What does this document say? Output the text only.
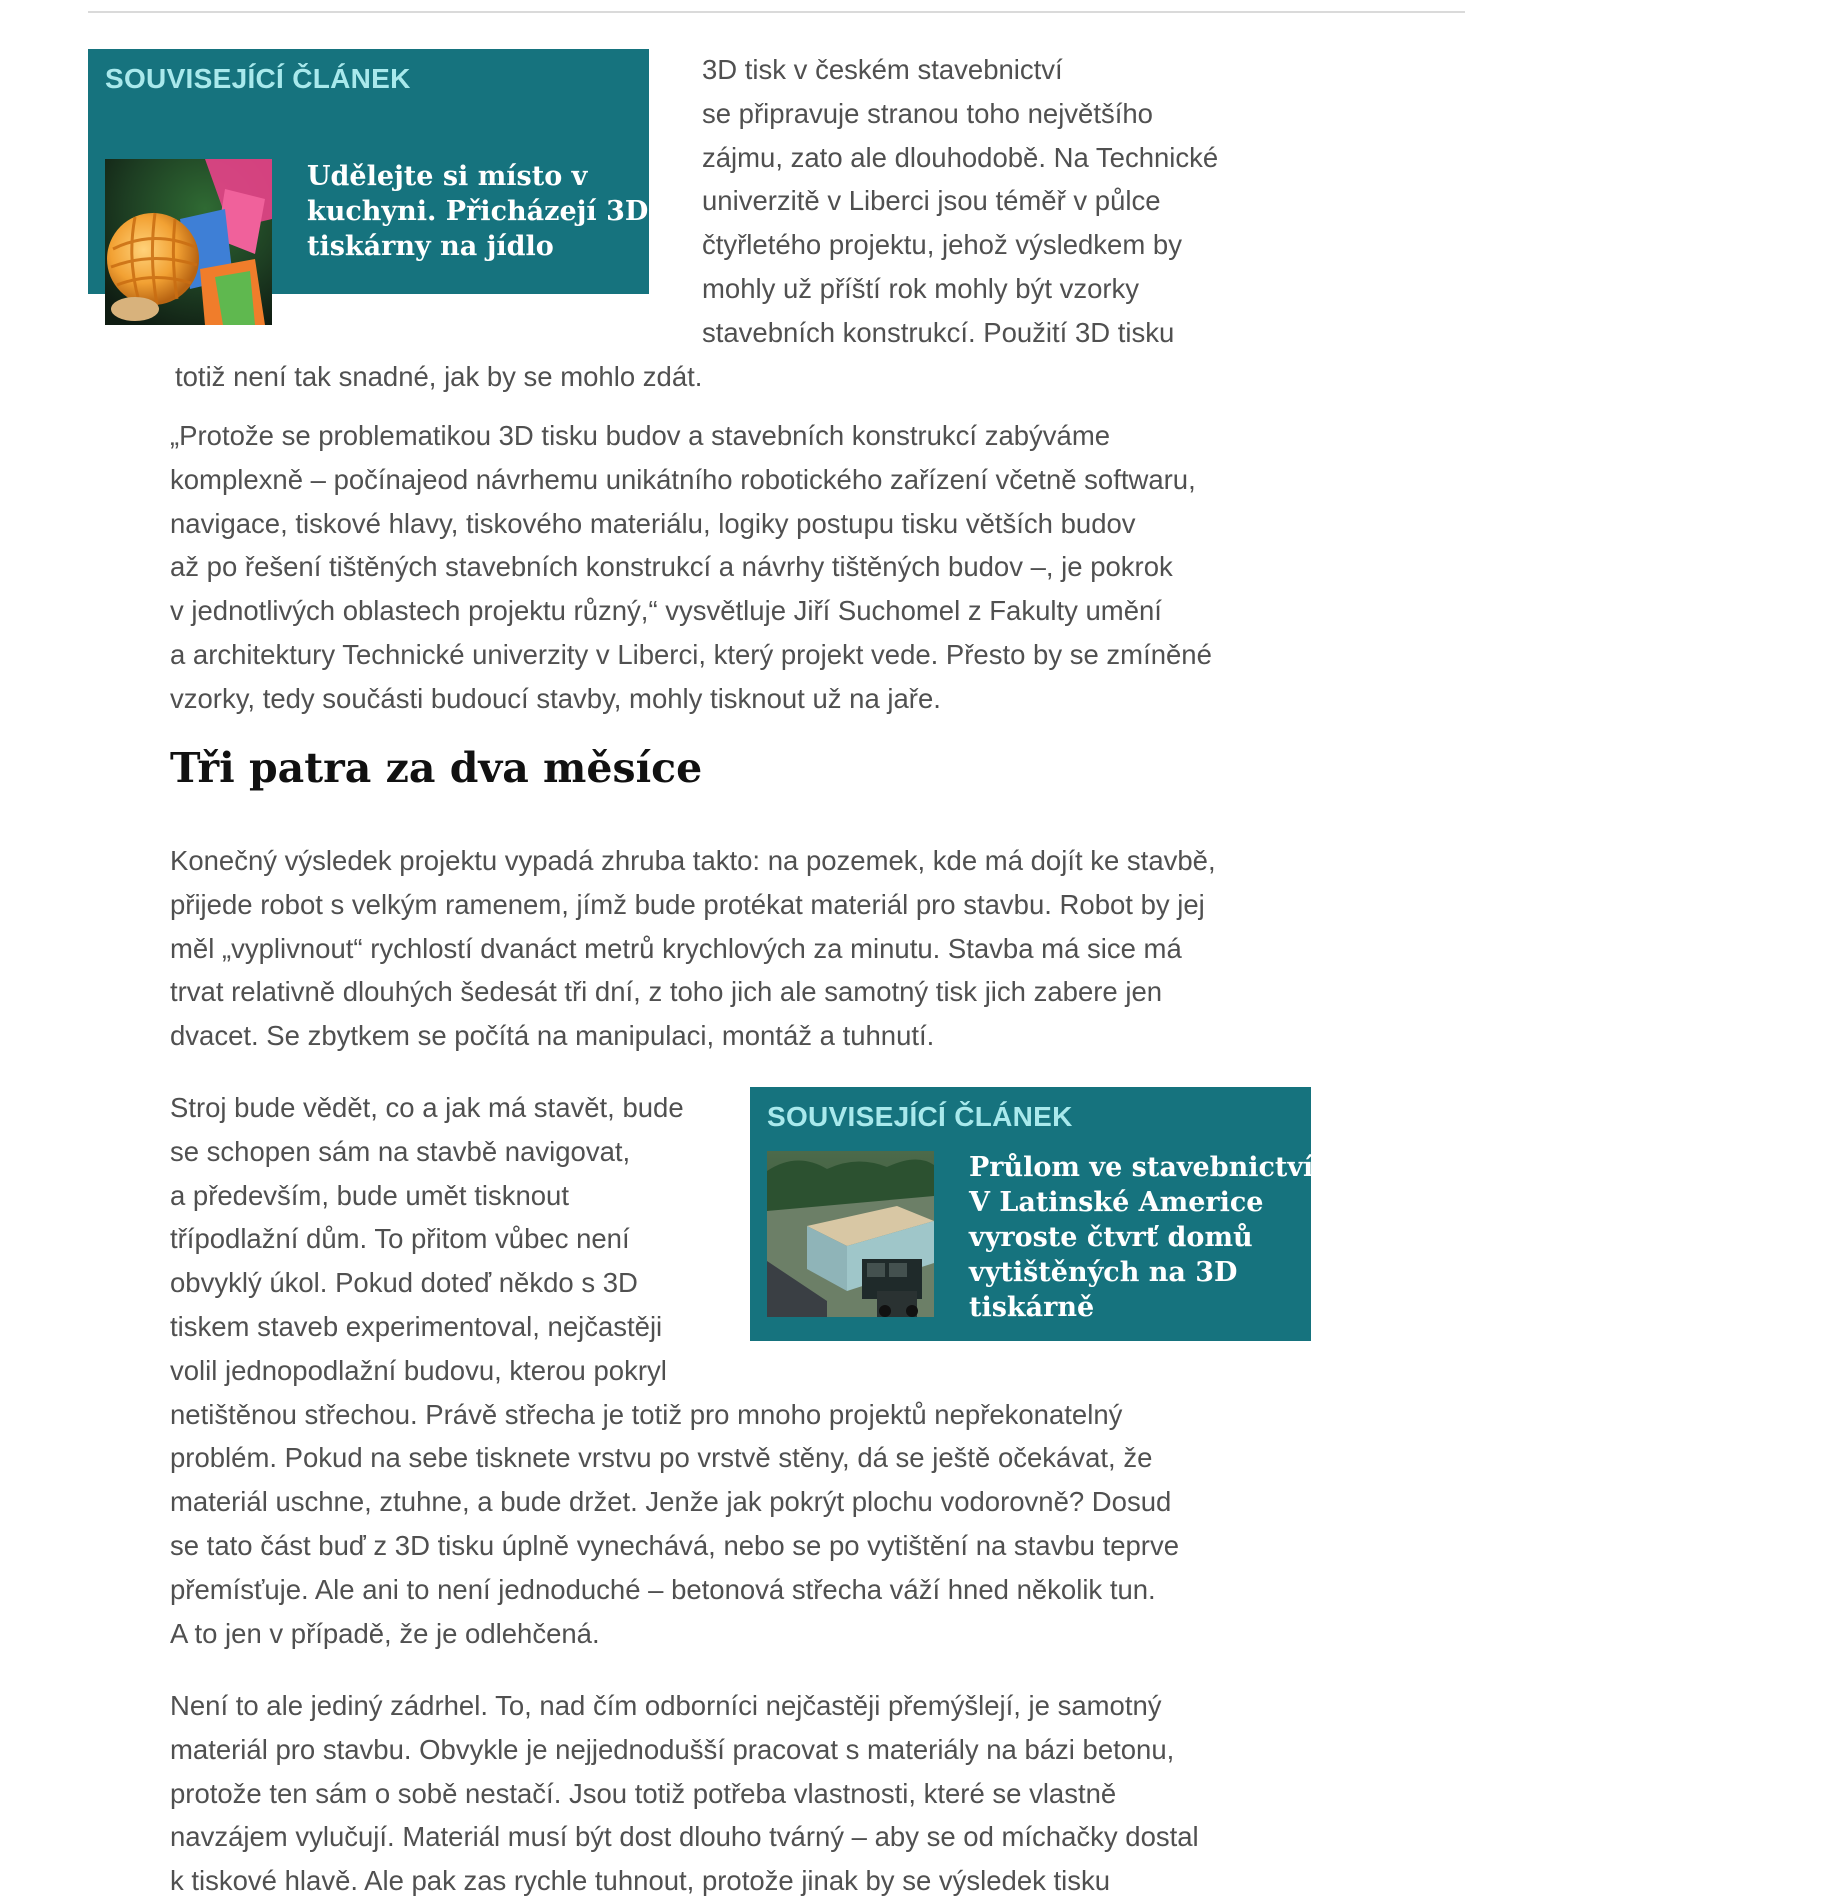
SOUVISEJÍCÍ ČLÁNEK
Udělejte si místo v
kuchyni. Přicházejí 3D
tiskárny na jídlo

3D tisk v českém stavebnictví
se připravuje stranou toho největšího
zájmu, zato ale dlouhodobě. Na Technické
univerzitě v Liberci jsou téměř v půlce
čtyřletého projektu, jehož výsledkem by
mohly už příští rok mohly být vzorky
stavebních konstrukcí. Použití 3D tisku
totiž není tak snadné, jak by se mohlo zdát.

„Protože se problematikou 3D tisku budov a stavebních konstrukcí zabýváme
komplexně – počínajeod návrhemu unikátního robotického zařízení včetně softwaru,
navigace, tiskové hlavy, tiskového materiálu, logiky postupu tisku větších budov
až po řešení tištěných stavebních konstrukcí a návrhy tištěných budov –, je pokrok
v jednotlivých oblastech projektu různý,“ vysvětluje Jiří Suchomel z Fakulty umění
a architektury Technické univerzity v Liberci, který projekt vede. Přesto by se zmíněné
vzorky, tedy součásti budoucí stavby, mohly tisknout už na jaře.

Tři patra za dva měsíce

Konečný výsledek projektu vypadá zhruba takto: na pozemek, kde má dojít ke stavbě,
přijede robot s velkým ramenem, jímž bude protékat materiál pro stavbu. Robot by jej
měl „vyplivnout“ rychlostí dvanáct metrů krychlových za minutu. Stavba má sice má
trvat relativně dlouhých šedesát tři dní, z toho jich ale samotný tisk jich zabere jen
dvacet. Se zbytkem se počítá na manipulaci, montáž a tuhnutí.

SOUVISEJÍCÍ ČLÁNEK
Průlom ve stavebnictví.
V Latinské Americe
vyroste čtvrť domů
vytištěných na 3D
tiskárně

Stroj bude vědět, co a jak má stavět, bude
se schopen sám na stavbě navigovat,
a především, bude umět tisknout
třípodlažní dům. To přitom vůbec není
obvyklý úkol. Pokud doteď někdo s 3D
tiskem staveb experimentoval, nejčastěji
volil jednopodlažní budovu, kterou pokryl
netištěnou střechou. Právě střecha je totiž pro mnoho projektů nepřekonatelný
problém. Pokud na sebe tisknete vrstvu po vrstvě stěny, dá se ještě očekávat, že
materiál uschne, ztuhne, a bude držet. Jenže jak pokrýt plochu vodorovně? Dosud
se tato část buď z 3D tisku úplně vynechává, nebo se po vytištění na stavbu teprve
přemísťuje. Ale ani to není jednoduché – betonová střecha váží hned několik tun.
A to jen v případě, že je odlehčená.

Není to ale jediný zádrhel. To, nad čím odborníci nejčastěji přemýšlejí, je samotný
materiál pro stavbu. Obvykle je nejjednodušší pracovat s materiály na bázi betonu,
protože ten sám o sobě nestačí. Jsou totiž potřeba vlastnosti, které se vlastně
navzájem vylučují. Materiál musí být dost dlouho tvárný – aby se od míchačky dostal
k tiskové hlavě. Ale pak zas rychle tuhnout, protože jinak by se výsledek tisku
